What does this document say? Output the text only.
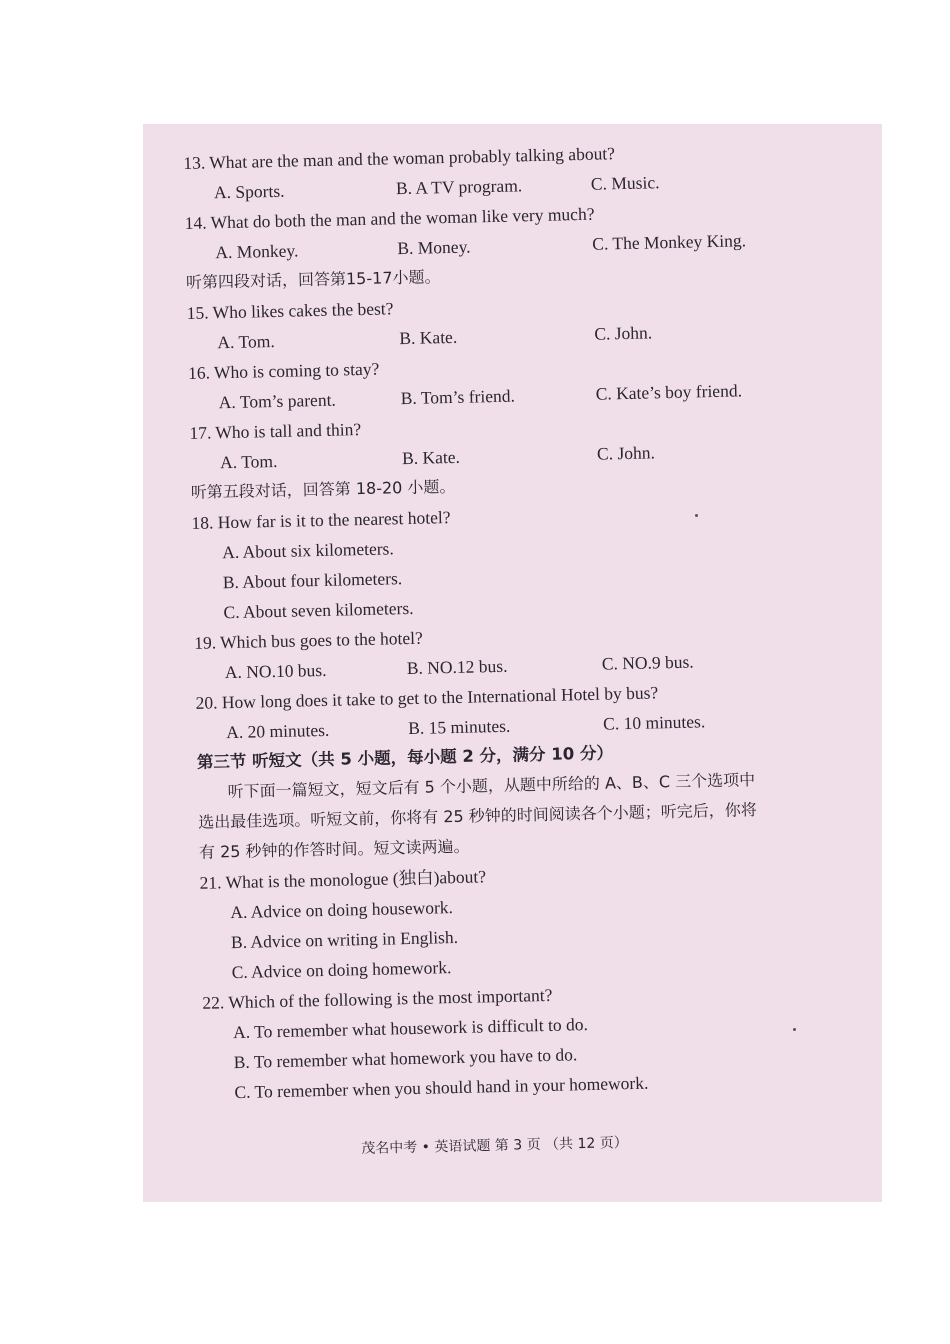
13. What are the man and the woman probably talking about?
A. Sports.	B. A TV program.	C. Music.
14. What do both the man and the woman like very much?
A. Monkey.	B. Money.	C. The Monkey King.
听第四段对话，回答第15-17小题。
15. Who likes cakes the best?
A. Tom.	B. Kate.	C. John.
16. Who is coming to stay?
A. Tom’s parent.	B. Tom’s friend.	C. Kate’s boy friend.
17. Who is tall and thin?
A. Tom.	B. Kate.	C. John.
听第五段对话，回答第 18-20 小题。
18. How far is it to the nearest hotel?
A. About six kilometers.
B. About four kilometers.
C. About seven kilometers.
19. Which bus goes to the hotel?
A. NO.10 bus.	B. NO.12 bus.	C. NO.9 bus.
20. How long does it take to get to the International Hotel by bus?
A. 20 minutes.	B. 15 minutes.	C. 10 minutes.
第三节 听短文（共 5 小题，每小题 2 分，满分 10 分）
听下面一篇短文，短文后有 5 个小题，从题中所给的 A、B、C 三个选项中
选出最佳选项。听短文前，你将有 25 秒钟的时间阅读各个小题；听完后，你将
有 25 秒钟的作答时间。短文读两遍。
21. What is the monologue (独白)about?
A. Advice on doing housework.
B. Advice on writing in English.
C. Advice on doing homework.
22. Which of the following is the most important?
A. To remember what housework is difficult to do.
B. To remember what homework you have to do.
C. To remember when you should hand in your homework.
茂名中考 • 英语试题 第 3 页 （共 12 页）
